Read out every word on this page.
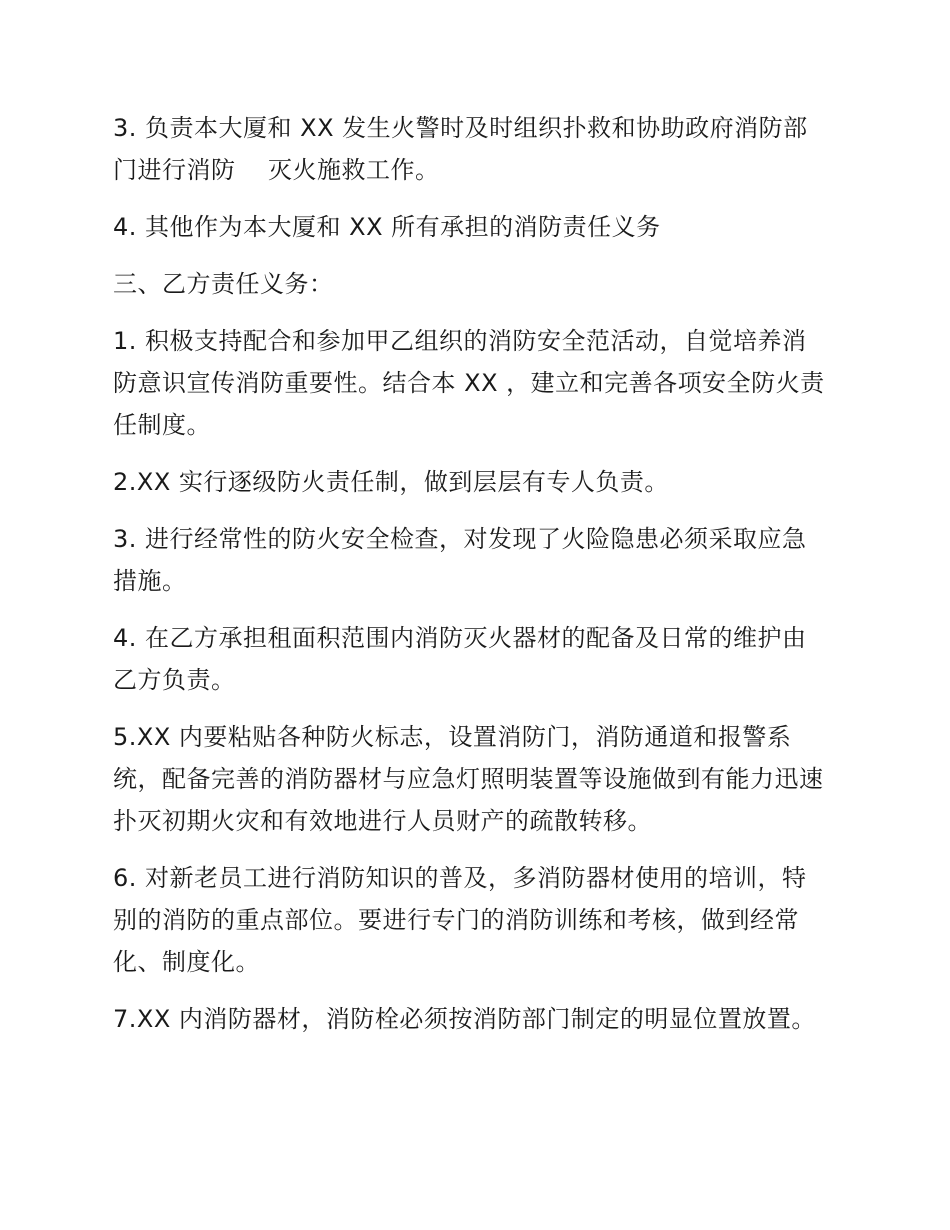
3. 负责本大厦和 XX 发生火警时及时组织扑救和协助政府消防部
门进行消防    灭火施救工作。
4. 其他作为本大厦和 XX 所有承担的消防责任义务
三、乙方责任义务：
1. 积极支持配合和参加甲乙组织的消防安全范活动，自觉培养消
防意识宣传消防重要性。结合本 XX ，建立和完善各项安全防火责
任制度。
2.XX 实行逐级防火责任制，做到层层有专人负责。
3. 进行经常性的防火安全检查，对发现了火险隐患必须采取应急
措施。
4. 在乙方承担租面积范围内消防灭火器材的配备及日常的维护由
乙方负责。
5.XX 内要粘贴各种防火标志，设置消防门，消防通道和报警系
统，配备完善的消防器材与应急灯照明装置等设施做到有能力迅速
扑灭初期火灾和有效地进行人员财产的疏散转移。
6. 对新老员工进行消防知识的普及，多消防器材使用的培训，特
别的消防的重点部位。要进行专门的消防训练和考核，做到经常
化、制度化。
7.XX 内消防器材，消防栓必须按消防部门制定的明显位置放置。
